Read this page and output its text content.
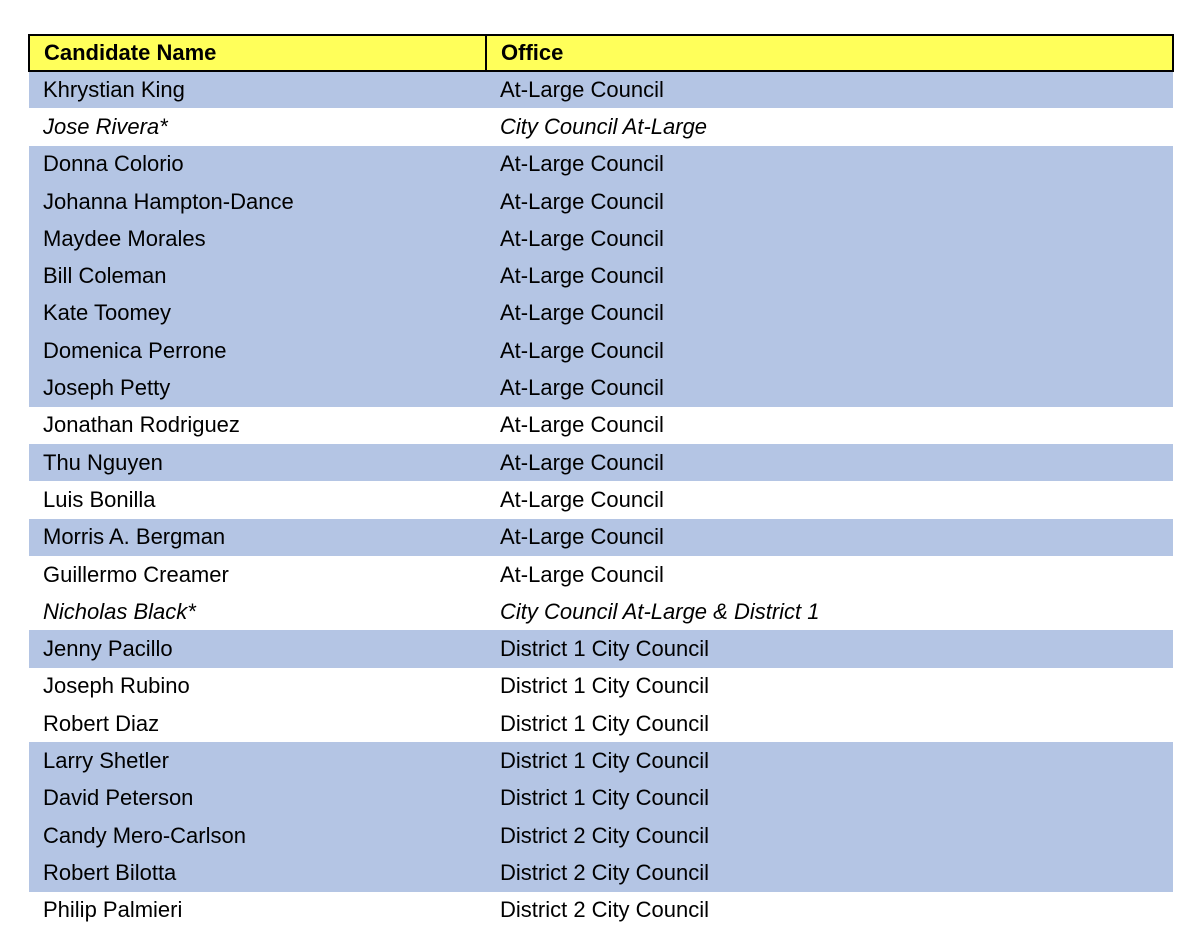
Candidate Name	Office
Khrystian King	At-Large Council
Jose Rivera*	City Council At-Large
Donna Colorio	At-Large Council
Johanna Hampton-Dance	At-Large Council
Maydee Morales	At-Large Council
Bill Coleman	At-Large Council
Kate Toomey	At-Large Council
Domenica Perrone	At-Large Council
Joseph Petty	At-Large Council
Jonathan Rodriguez	At-Large Council
Thu Nguyen	At-Large Council
Luis Bonilla	At-Large Council
Morris A. Bergman	At-Large Council
Guillermo Creamer	At-Large Council
Nicholas Black*	City Council At-Large & District 1
Jenny Pacillo	District 1 City Council
Joseph Rubino	District 1 City Council
Robert Diaz	District 1 City Council
Larry Shetler	District 1 City Council
David Peterson	District 1 City Council
Candy Mero-Carlson	District 2 City Council
Robert Bilotta	District 2 City Council
Philip Palmieri	District 2 City Council
